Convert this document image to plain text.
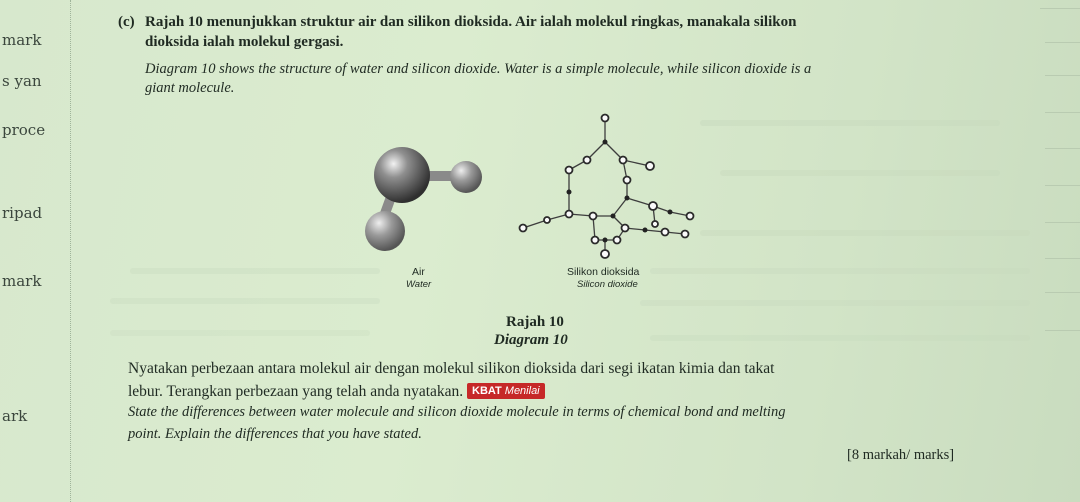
mark
s yan
proce
ripad
mark
ark
(c) Rajah 10 menunjukkan struktur air dan silikon dioksida. Air ialah molekul ringkas, manakala silikon
dioksida ialah molekul gergasi.
Diagram 10 shows the structure of water and silicon dioxide. Water is a simple molecule, while silicon dioxide is a
giant molecule.
Air
Water
Silikon dioksida
Silicon dioxide
Rajah 10
Diagram 10
Nyatakan perbezaan antara molekul air dengan molekul silikon dioksida dari segi ikatan kimia dan takat
lebur. Terangkan perbezaan yang telah anda nyatakan. KBAT Menilai
State the differences between water molecule and silicon dioxide molecule in terms of chemical bond and melting
point. Explain the differences that you have stated.
[8 markah/ marks]
